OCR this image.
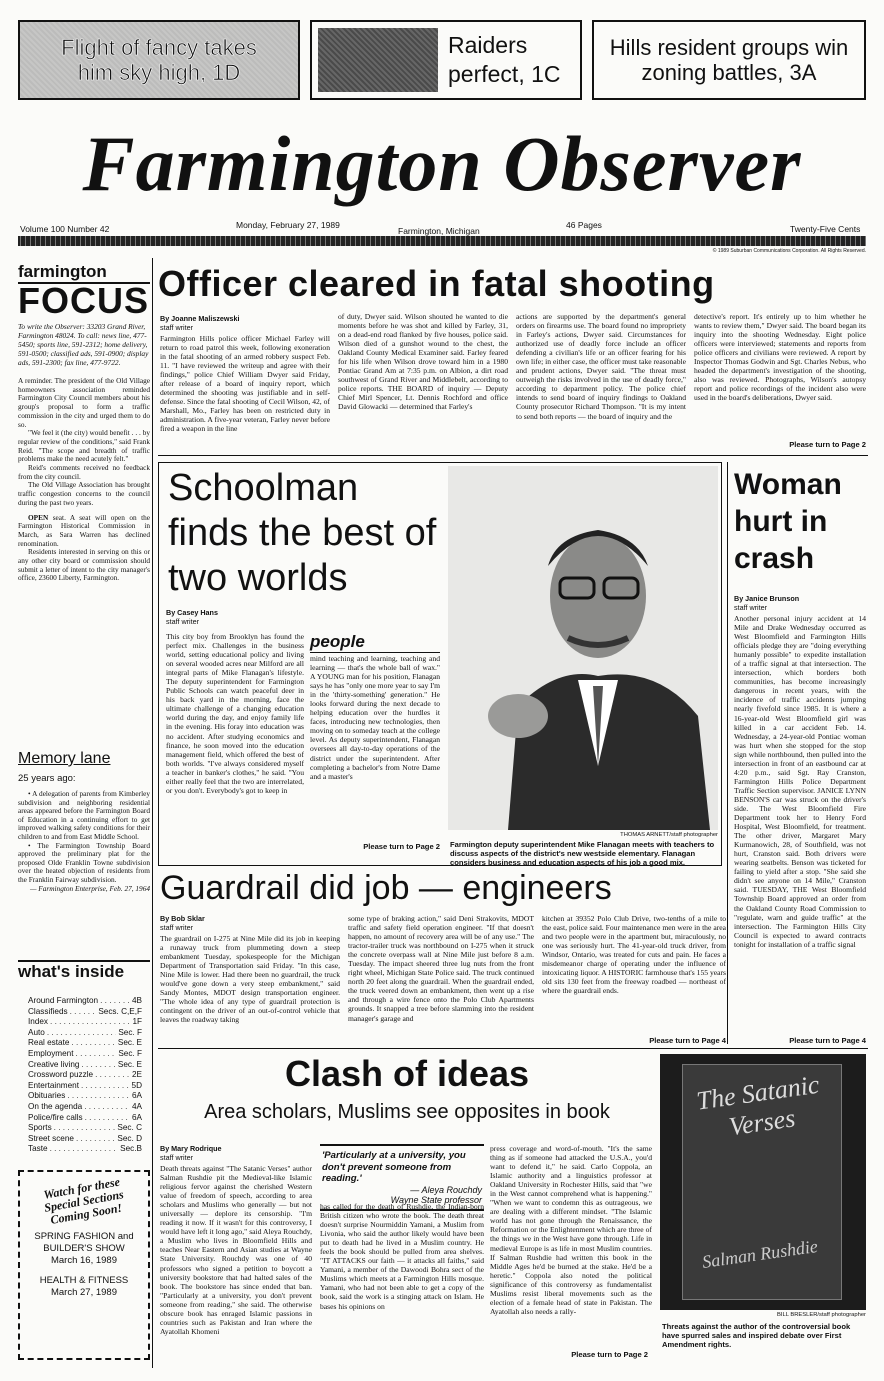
Flight of fancy takes him sky high, 1D
Raiders perfect, 1C
Hills resident groups win zoning battles, 3A
Farmington Observer
Volume 100 Number 42	Monday, February 27, 1989
Farmington, Michigan
46 Pages	Twenty-Five Cents
© 1989 Suburban Communications Corporation. All Rights Reserved.
farmington
FOCUS
To write the Observer: 33203 Grand River, Farmington 48024. To call: news line, 477-5450; sports line, 591-2312; home delivery, 591-0500; classified ads, 591-0900; display ads, 591-2300; fax line, 477-9722.

A reminder. The president of the Old Village homeowners association reminded Farmington City Council members about his group's proposal to form a traffic commission in the city and urged them to do so.

"We feel it (the city) would benefit . . . by regular review of the conditions," said Frank Reid. "The scope and breadth of traffic problems make the need acutely felt."

Reid's comments received no feedback from the city council.

The Old Village Association has brought traffic congestion concerns to the council during the past two years.

OPEN seat. A seat will open on the Farmington Historical Commission in March, as Sara Warren has declined renomination.

Residents interested in serving on this or any other city board or commission should submit a letter of intent to the city manager's office, 23600 Liberty, Farmington.

Memory lane
25 years ago:

• A delegation of parents from Kimberley subdivision and neighboring residential areas appeared before the Farmington Board of Education in a continuing effort to get improved walking safety conditions for their children to and from East Middle School.

• The Farmington Township Board approved the preliminary plat for the proposed Olde Franklin Towne subdivision over the heated objection of residents from the Franklin Fairway subdivision.

— Farmington Enterprise, Feb. 27, 1964
what's inside
Around Farmington . . .	4B
Classifieds . . .	Secs. C,E,F
Index . . .	1F
Auto . . .	Sec. F
Real estate . . .	Sec. E
Employment . . .	Sec. F
Creative living . . .	Sec. E
Crossword puzzle . . .	2E
Entertainment . . .	5D
Obituaries . . .	6A
On the agenda . . .	4A
Police/fire calls . . .	6A
Sports . . .	Sec. C
Street scene . . .	Sec. D
Taste . . .	Sec.B
Watch for these Special Sections Coming Soon!
SPRING FASHION and BUILDER'S SHOW
March 16, 1989
HEALTH & FITNESS
March 27, 1989
Officer cleared in fatal shooting
By Joanne Maliszewski
staff writer
Farmington Hills police officer Michael Farley will return to road patrol this week, following exoneration in the fatal shooting of an armed robbery suspect Feb. 11. "I have reviewed the writeup and agree with their findings," police Chief William Dwyer said Friday, after release of a board of inquiry report, which determined the shooting was justifiable and in self-defense. Since the fatal shooting of Cecil Wilson, 42, of Marshall, Mo., Farley has been on restricted duty in administration. A five-year veteran, Farley never before fired a weapon in the line
of duty, Dwyer said. Wilson shouted he wanted to die moments before he was shot and killed by Farley, 31, on a dead-end road flanked by five houses, police said. Wilson died of a gunshot wound to the chest, the Oakland County Medical Examiner said. Farley feared for his life when Wilson drove toward him in a 1980 Pontiac Grand Am at 7:35 p.m. on Albion, a dirt road southwest of Grand River and Middlebelt, according to police reports. THE BOARD of inquiry — Deputy Chief Mirl Spencer, Lt. Dennis Rochford and office David Glowacki — determined that Farley's
actions are supported by the department's general orders on firearms use. The board found no impropriety in Farley's actions, Dwyer said. Circumstances for authorized use of deadly force include an officer defending a civilian's life or an officer fearing for his own life; in either case, the officer must take reasonable and prudent actions, Dwyer said. "The threat must outweigh the risks involved in the use of deadly force," according to department policy. The police chief intends to send board of inquiry findings to Oakland County prosecutor Richard Thompson. "It is my intent to send both reports — the board of inquiry and the
detective's report. It's entirely up to him whether he wants to review them," Dwyer said. The board began its inquiry into the shooting Wednesday. Eight police officers were interviewed; statements and reports from police officers and civilians were reviewed. A report by Inspector Thomas Godwin and Sgt. Charles Nebus, who headed the department's investigation of the shooting, also was reviewed. Photographs, Wilson's autopsy report and police recordings of the incident also were used in the board's deliberations, Dwyer said.
Please turn to Page 2
Schoolman finds the best of two worlds
By Casey Hans
staff writer
This city boy from Brooklyn has found the perfect mix. Challenges in the business world, setting educational policy and living on several wooded acres near Milford are all integral parts of Mike Flanagan's lifestyle. The deputy superintendent for Farmington Public Schools can watch peaceful deer in his back yard in the morning, face the ultimate challenge of a changing education world during the day, and enjoy family life in the evening. His foray into education was no accident. After studying economics and finance, he soon moved into the education management field, which offered the best of both worlds. "I've always considered myself a teacher in banker's clothes," he said. "You either really feel that the two are interrelated, or you don't. Everybody's got to keep in
people
mind teaching and learning, teaching and learning — that's the whole ball of wax." A YOUNG man for his position, Flanagan says he has "only one more year to say I'm in the 'thirty-something' generation." He looks forward during the next decade to helping education over the hurdles it faces, introducing new technologies, then moving on to someday teach at the college level. As deputy superintendent, Flanagan oversees all day-to-day operations of the district under the superintendent. After completing a bachelor's from Notre Dame and a master's
Please turn to Page 2
THOMAS ARNETT/staff photographer
Farmington deputy superintendent Mike Flanagan meets with teachers to discuss aspects of the district's new westside elementary. Flanagan considers business and education aspects of his job a good mix.
Woman hurt in crash
By Janice Brunson
staff writer
Another personal injury accident at 14 Mile and Drake Wednesday occurred as West Bloomfield and Farmington Hills officials pledge they are "doing everything humanly possible" to expedite installation of a traffic signal at that intersection. The intersection, which borders both communities, has become increasingly dangerous in recent years, with the incidence of traffic accidents jumping nearly fivefold since 1985. It is where a 16-year-old West Bloomfield girl was killed in a car accident Feb. 14. Wednesday, a 24-year-old Pontiac woman was hurt when she stopped for the stop sign while northbound, then pulled into the intersection in front of an eastbound car at 4:20 p.m., said Sgt. Ray Cranston, Farmington Hills Police Department Traffic Section supervisor. JANICE LYNN BENSON'S car was struck on the driver's side. The West Bloomfield Fire Department took her to Henry Ford Hospital, West Bloomfield, for treatment. The other driver, Margaret Mary Kurmanowich, 28, of Southfield, was not hurt, Cranston said. Both drivers were wearing seatbelts. Benson was ticketed for failing to yield after a stop. "She said she didn't see anyone on 14 Mile," Cranston said. TUESDAY, THE West Bloomfield Township Board approved an order from the Oakland County Road Commission to "regulate, warn and guide traffic" at the intersection. The Farmington Hills City Council is expected to award contracts tonight for installation of a traffic signal
Please turn to Page 4
Guardrail did job — engineers
By Bob Sklar
staff writer
The guardrail on I-275 at Nine Mile did its job in keeping a runaway truck from plummeting down a steep embankment Tuesday, spokespeople for the Michigan Department of Transportation said Friday. "In this case, Nine Mile is lower. Had there been no guardrail, the truck would've gone down a very steep embankment," said Sandy Montes, MDOT design transportation engineer. "The whole idea of any type of guardrail protection is contingent on the driver of an out-of-control vehicle that leaves the roadway taking
some type of braking action," said Deni Strakovits, MDOT traffic and safety field operation engineer. "If that doesn't happen, no amount of recovery area will be of any use." The tractor-trailer truck was northbound on I-275 when it struck the concrete overpass wall at Nine Mile just before 8 a.m. Tuesday. The impact sheered three lug nuts from the front right wheel, Michigan State Police said. The truck continued north 20 feet along the guardrail. When the guardrail ended, the truck veered down an embankment, then went up a rise and through a wire fence onto the Polo Club Apartments grounds. It snapped a tree before slamming into the resident manager's garage and
kitchen at 39352 Polo Club Drive, two-tenths of a mile to the east, police said. Four maintenance men were in the area and two people were in the apartment but, miraculously, no one was seriously hurt. The 41-year-old truck driver, from Windsor, Ontario, was treated for cuts and pain. He faces a misdemeanor charge of operating under the influence of intoxicating liquor. A HISTORIC farmhouse that's 155 years old sits 130 feet from the freeway roadbed — northeast of where the guardrail ends.
Please turn to Page 4
Clash of ideas
Area scholars, Muslims see opposites in book
By Mary Rodrique
staff writer
Death threats against "The Satanic Verses" author Salman Rushdie pit the Medieval-like Islamic religious fervor against the cherished Western value of freedom of speech, according to area scholars and Muslims who generally — but not universally — deplore its censorship. "I'm reading it now. If it wasn't for this controversy, I would have left it long ago," said Aleya Rouchdy, a Muslim who lives in Bloomfield Hills and teaches Near Eastern and Asian studies at Wayne State University. Rouchdy was one of 40 professors who signed a petition to boycott a university bookstore that had halted sales of the book. The bookstore has since ended that ban. "Particularly at a university, you don't prevent someone from reading," she said. The otherwise obscure book has enraged Islamic passions in countries such as Pakistan and Iran where the Ayatollah Khomeni
'Particularly at a university, you don't prevent someone from reading.'
— Aleya Rouchdy
Wayne State professor
has called for the death of Rushdie, the Indian-born British citizen who wrote the book. The death threat doesn't surprise Nourmiddin Yamani, a Muslim from Livonia, who said the author likely would have been put to death had he lived in a Muslim country. He feels the book should be pulled from area shelves. "IT ATTACKS our faith — it attacks all faiths," said Yamani, a member of the Dawoodi Bohra sect of the Muslims which meets at a Farmington Hills mosque. Yamani, who had not been able to get a copy of the book, said the work is a stinging attack on Islam. He bases his opinions on
press coverage and word-of-mouth. "It's the same thing as if someone had attacked the U.S.A., you'd want to defend it," he said. Carlo Coppola, an Islamic authority and a linguistics professor at Oakland University in Rochester Hills, said that "we in the West cannot comprehend what is happening." "When we want to condemn this as outrageous, we are dealing with a different mindset. "The Islamic world has not gone through the Renaissance, the Reformation or the Enlightenment which are three of the things we in the West have gone through. Life in medieval Europe is as life in most Muslim countries. If Salman Rushdie had written this book in the Middle Ages he'd be burned at the stake. He'd be a heretic." Coppola also noted the political significance of this controversy as fundamentalist Muslims resist liberal movements such as the election of a female head of state in Pakistan. The Ayatollah also needs a rally-
Please turn to Page 2
The Satanic Verses
Salman Rushdie
BILL BRESLER/staff photographer
Threats against the author of the controversial book have spurred sales and inspired debate over First Amendment rights.
